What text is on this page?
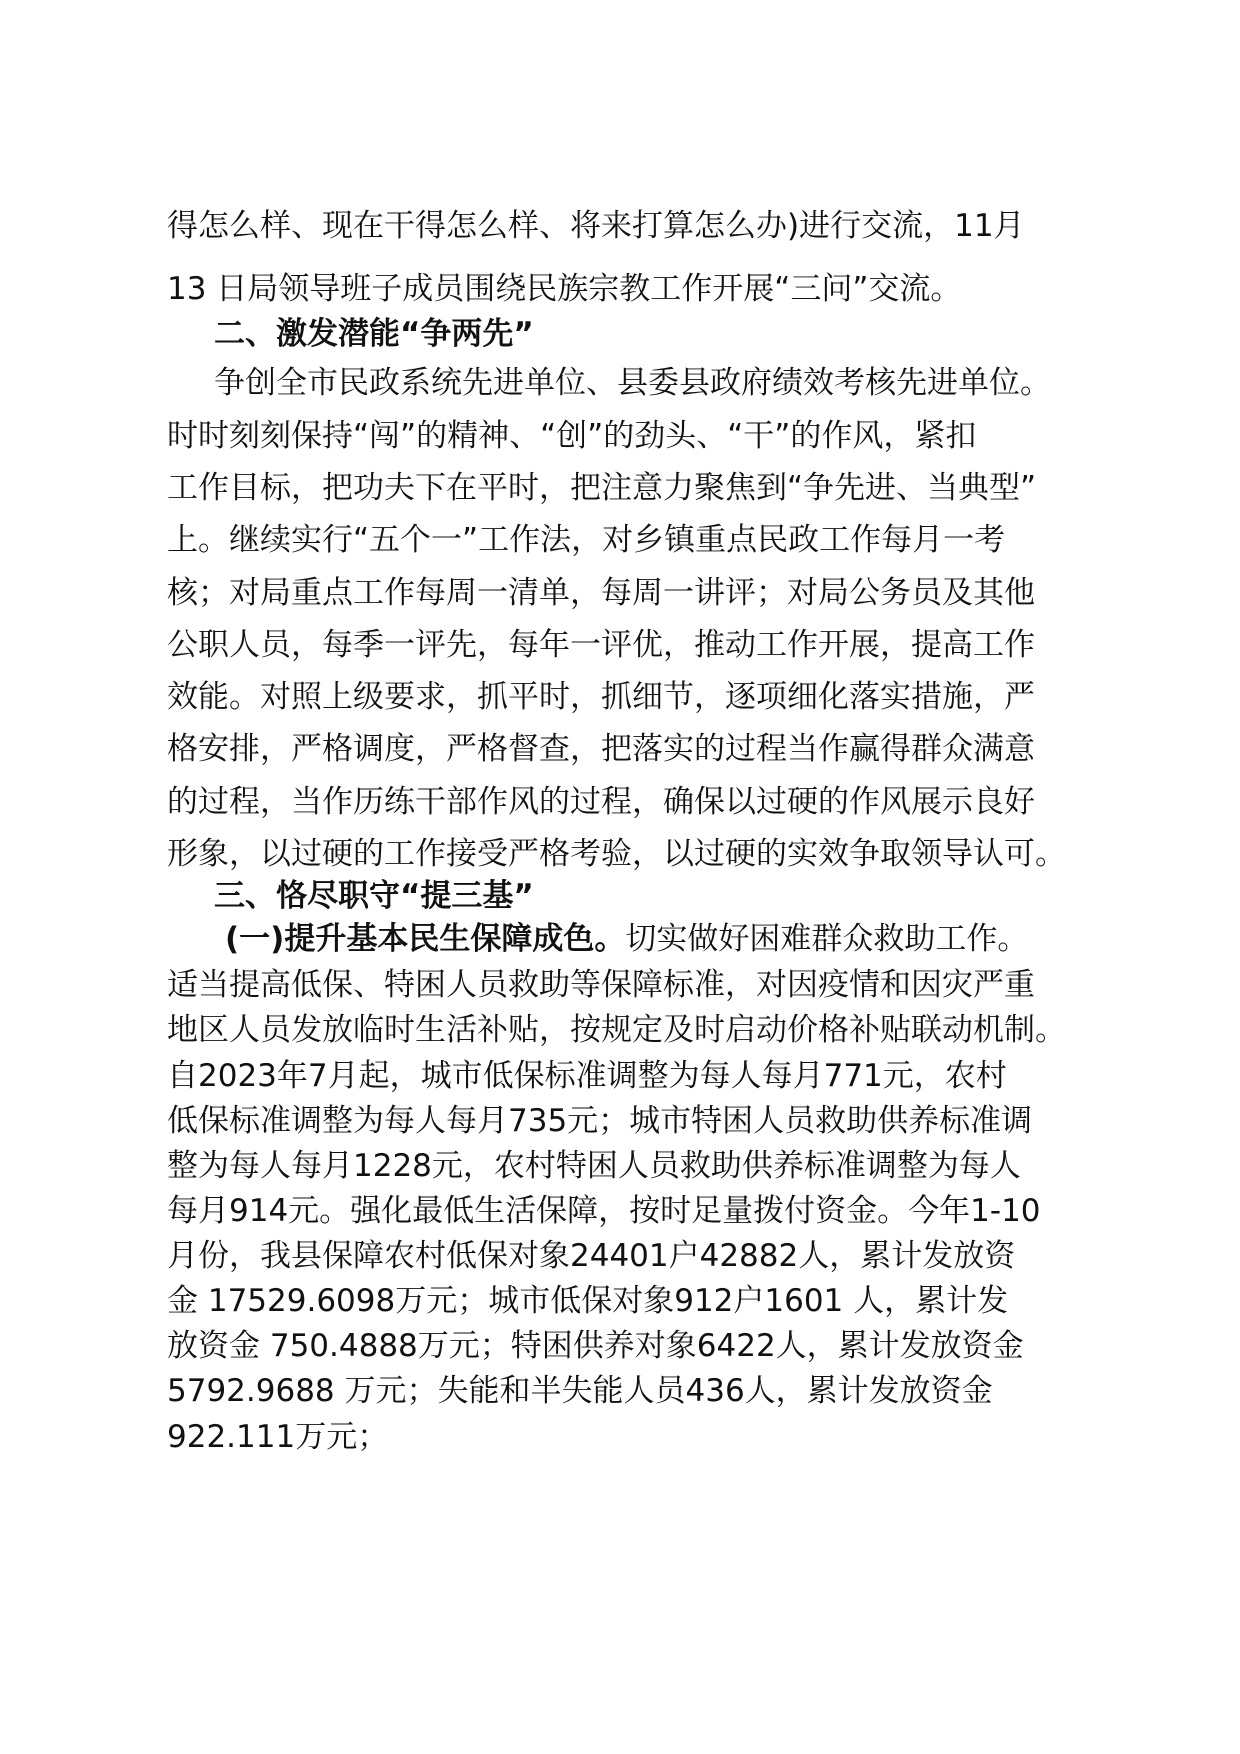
得怎么样、现在干得怎么样、将来打算怎么办)进行交流，11月
13 日局领导班子成员围绕民族宗教工作开展“三问”交流。
二、激发潜能“争两先”
争创全市民政系统先进单位、县委县政府绩效考核先进单位。
时时刻刻保持“闯”的精神、“创”的劲头、“干”的作风，紧扣
工作目标，把功夫下在平时，把注意力聚焦到“争先进、当典型”
上。继续实行“五个一”工作法，对乡镇重点民政工作每月一考
核；对局重点工作每周一清单，每周一讲评；对局公务员及其他
公职人员，每季一评先，每年一评优，推动工作开展，提高工作
效能。对照上级要求，抓平时，抓细节，逐项细化落实措施，严
格安排，严格调度，严格督查，把落实的过程当作赢得群众满意
的过程，当作历练干部作风的过程，确保以过硬的作风展示良好
形象，以过硬的工作接受严格考验，以过硬的实效争取领导认可。
三、恪尽职守“提三基”
(一)提升基本民生保障成色。切实做好困难群众救助工作。
适当提高低保、特困人员救助等保障标准，对因疫情和因灾严重
地区人员发放临时生活补贴，按规定及时启动价格补贴联动机制。
自2023年7月起，城市低保标准调整为每人每月771元，农村
低保标准调整为每人每月735元；城市特困人员救助供养标准调
整为每人每月1228元，农村特困人员救助供养标准调整为每人
每月914元。强化最低生活保障，按时足量拨付资金。今年1-10
月份，我县保障农村低保对象24401户42882人，累计发放资
金 17529.6098万元；城市低保对象912户1601 人，累计发
放资金 750.4888万元；特困供养对象6422人，累计发放资金
5792.9688 万元；失能和半失能人员436人，累计发放资金
922.111万元；
